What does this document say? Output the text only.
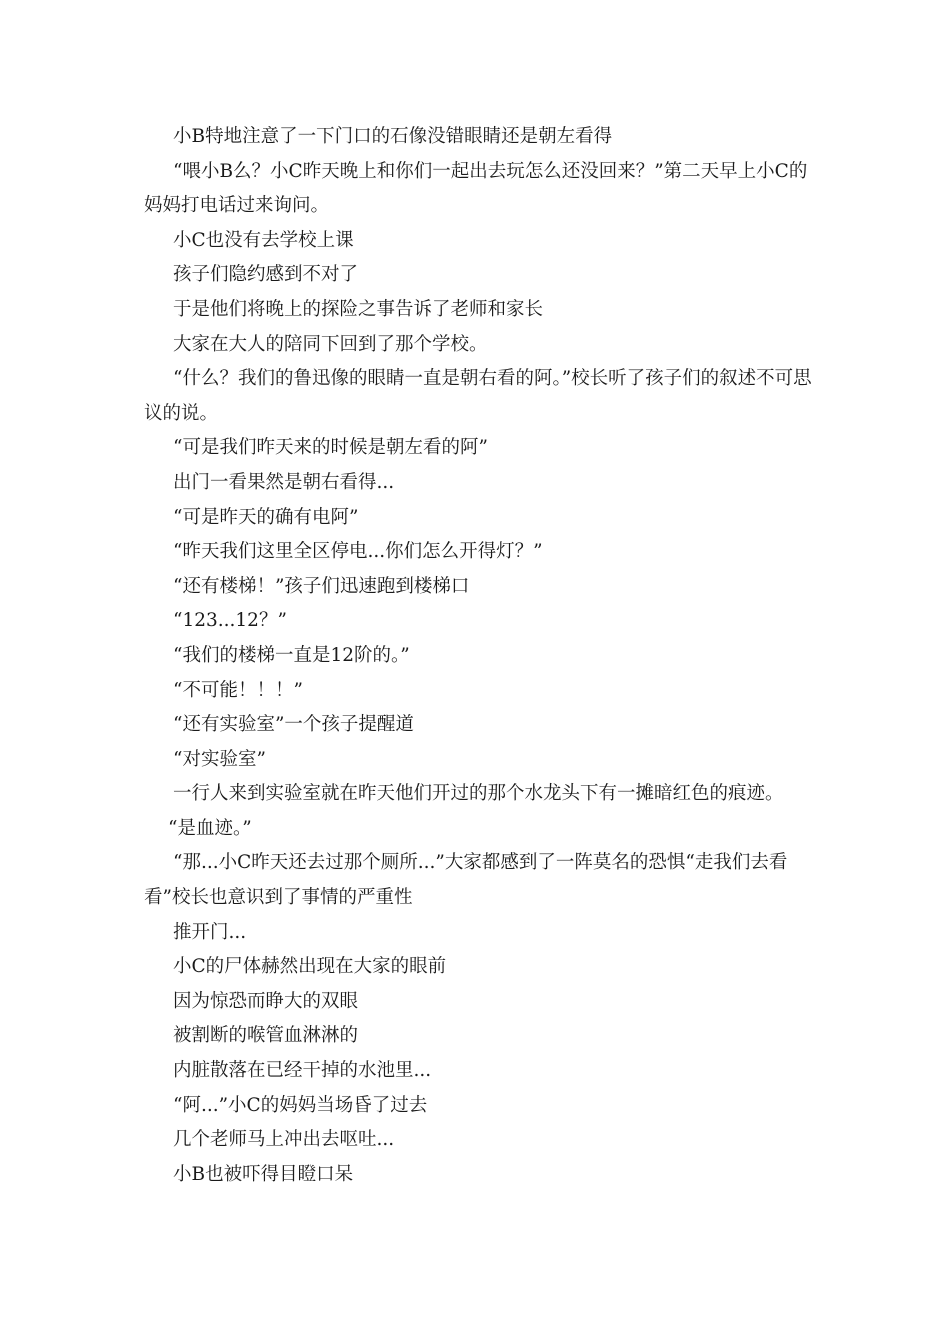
小B特地注意了一下门口的石像没错眼睛还是朝左看得

“喂小B么？小C昨天晚上和你们一起出去玩怎么还没回来？”第二天早上小C的妈妈打电话过来询问。

小C也没有去学校上课

孩子们隐约感到不对了

于是他们将晚上的探险之事告诉了老师和家长

大家在大人的陪同下回到了那个学校。

“什么？我们的鲁迅像的眼睛一直是朝右看的阿。”校长听了孩子们的叙述不可思议的说。

“可是我们昨天来的时候是朝左看的阿”

出门一看果然是朝右看得...

“可是昨天的确有电阿”

“昨天我们这里全区停电...你们怎么开得灯？”

“还有楼梯！”孩子们迅速跑到楼梯口

“123...12？”

“我们的楼梯一直是12阶的。”

“不可能！！！”

“还有实验室”一个孩子提醒道

“对实验室”

一行人来到实验室就在昨天他们开过的那个水龙头下有一摊暗红色的痕迹。

“是血迹。”

“那...小C昨天还去过那个厕所...”大家都感到了一阵莫名的恐惧“走我们去看看”校长也意识到了事情的严重性

推开门...

小C的尸体赫然出现在大家的眼前

因为惊恐而睁大的双眼

被割断的喉管血淋淋的

内脏散落在已经干掉的水池里...

“阿...”小C的妈妈当场昏了过去

几个老师马上冲出去呕吐...

小B也被吓得目瞪口呆
